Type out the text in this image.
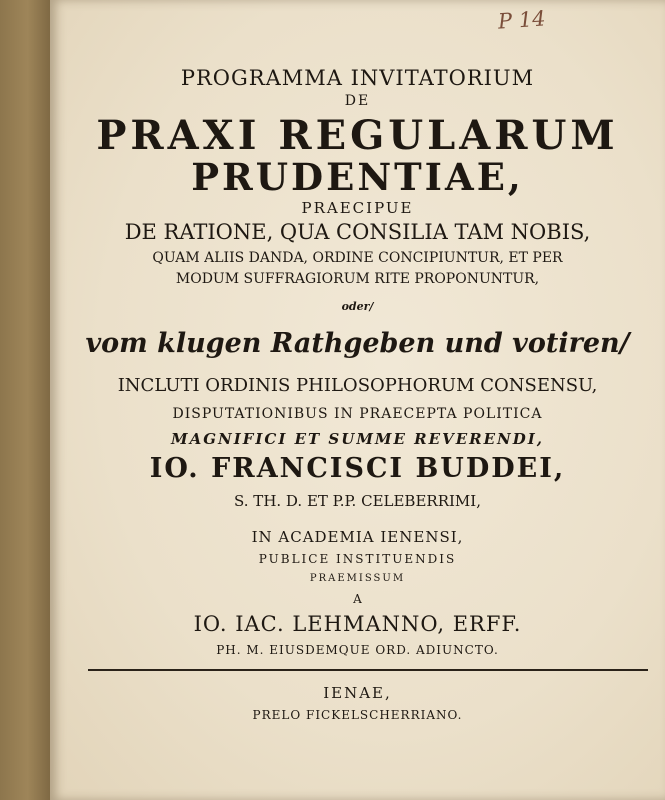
P 14
PROGRAMMA INVITATORIUM
DE
PRAXI REGULARUM
PRUDENTIAE,
PRAECIPUE
DE RATIONE, QUA CONSILIA TAM NOBIS,
QUAM ALIIS DANDA, ORDINE CONCIPIUNTUR, ET PER
MODUM SUFFRAGIORUM RITE PROPONUNTUR,
oder/
vom klugen Rathgeben und votiren/
INCLUTI ORDINIS PHILOSOPHORUM CONSENSU,
DISPUTATIONIBUS IN PRAECEPTA POLITICA
MAGNIFICI ET SUMME REVERENDI,
IO. FRANCISCI BUDDEI,
S. TH. D. ET P.P. CELEBERRIMI,
IN ACADEMIA IENENSI,
PUBLICE INSTITUENDIS
PRAEMISSUM
A
IO. IAC. LEHMANNO, ERFF.
PH. M. EIUSDEMQUE ORD. ADIUNCTO.
IENAE,
PRELO FICKELSCHERRIANO.
